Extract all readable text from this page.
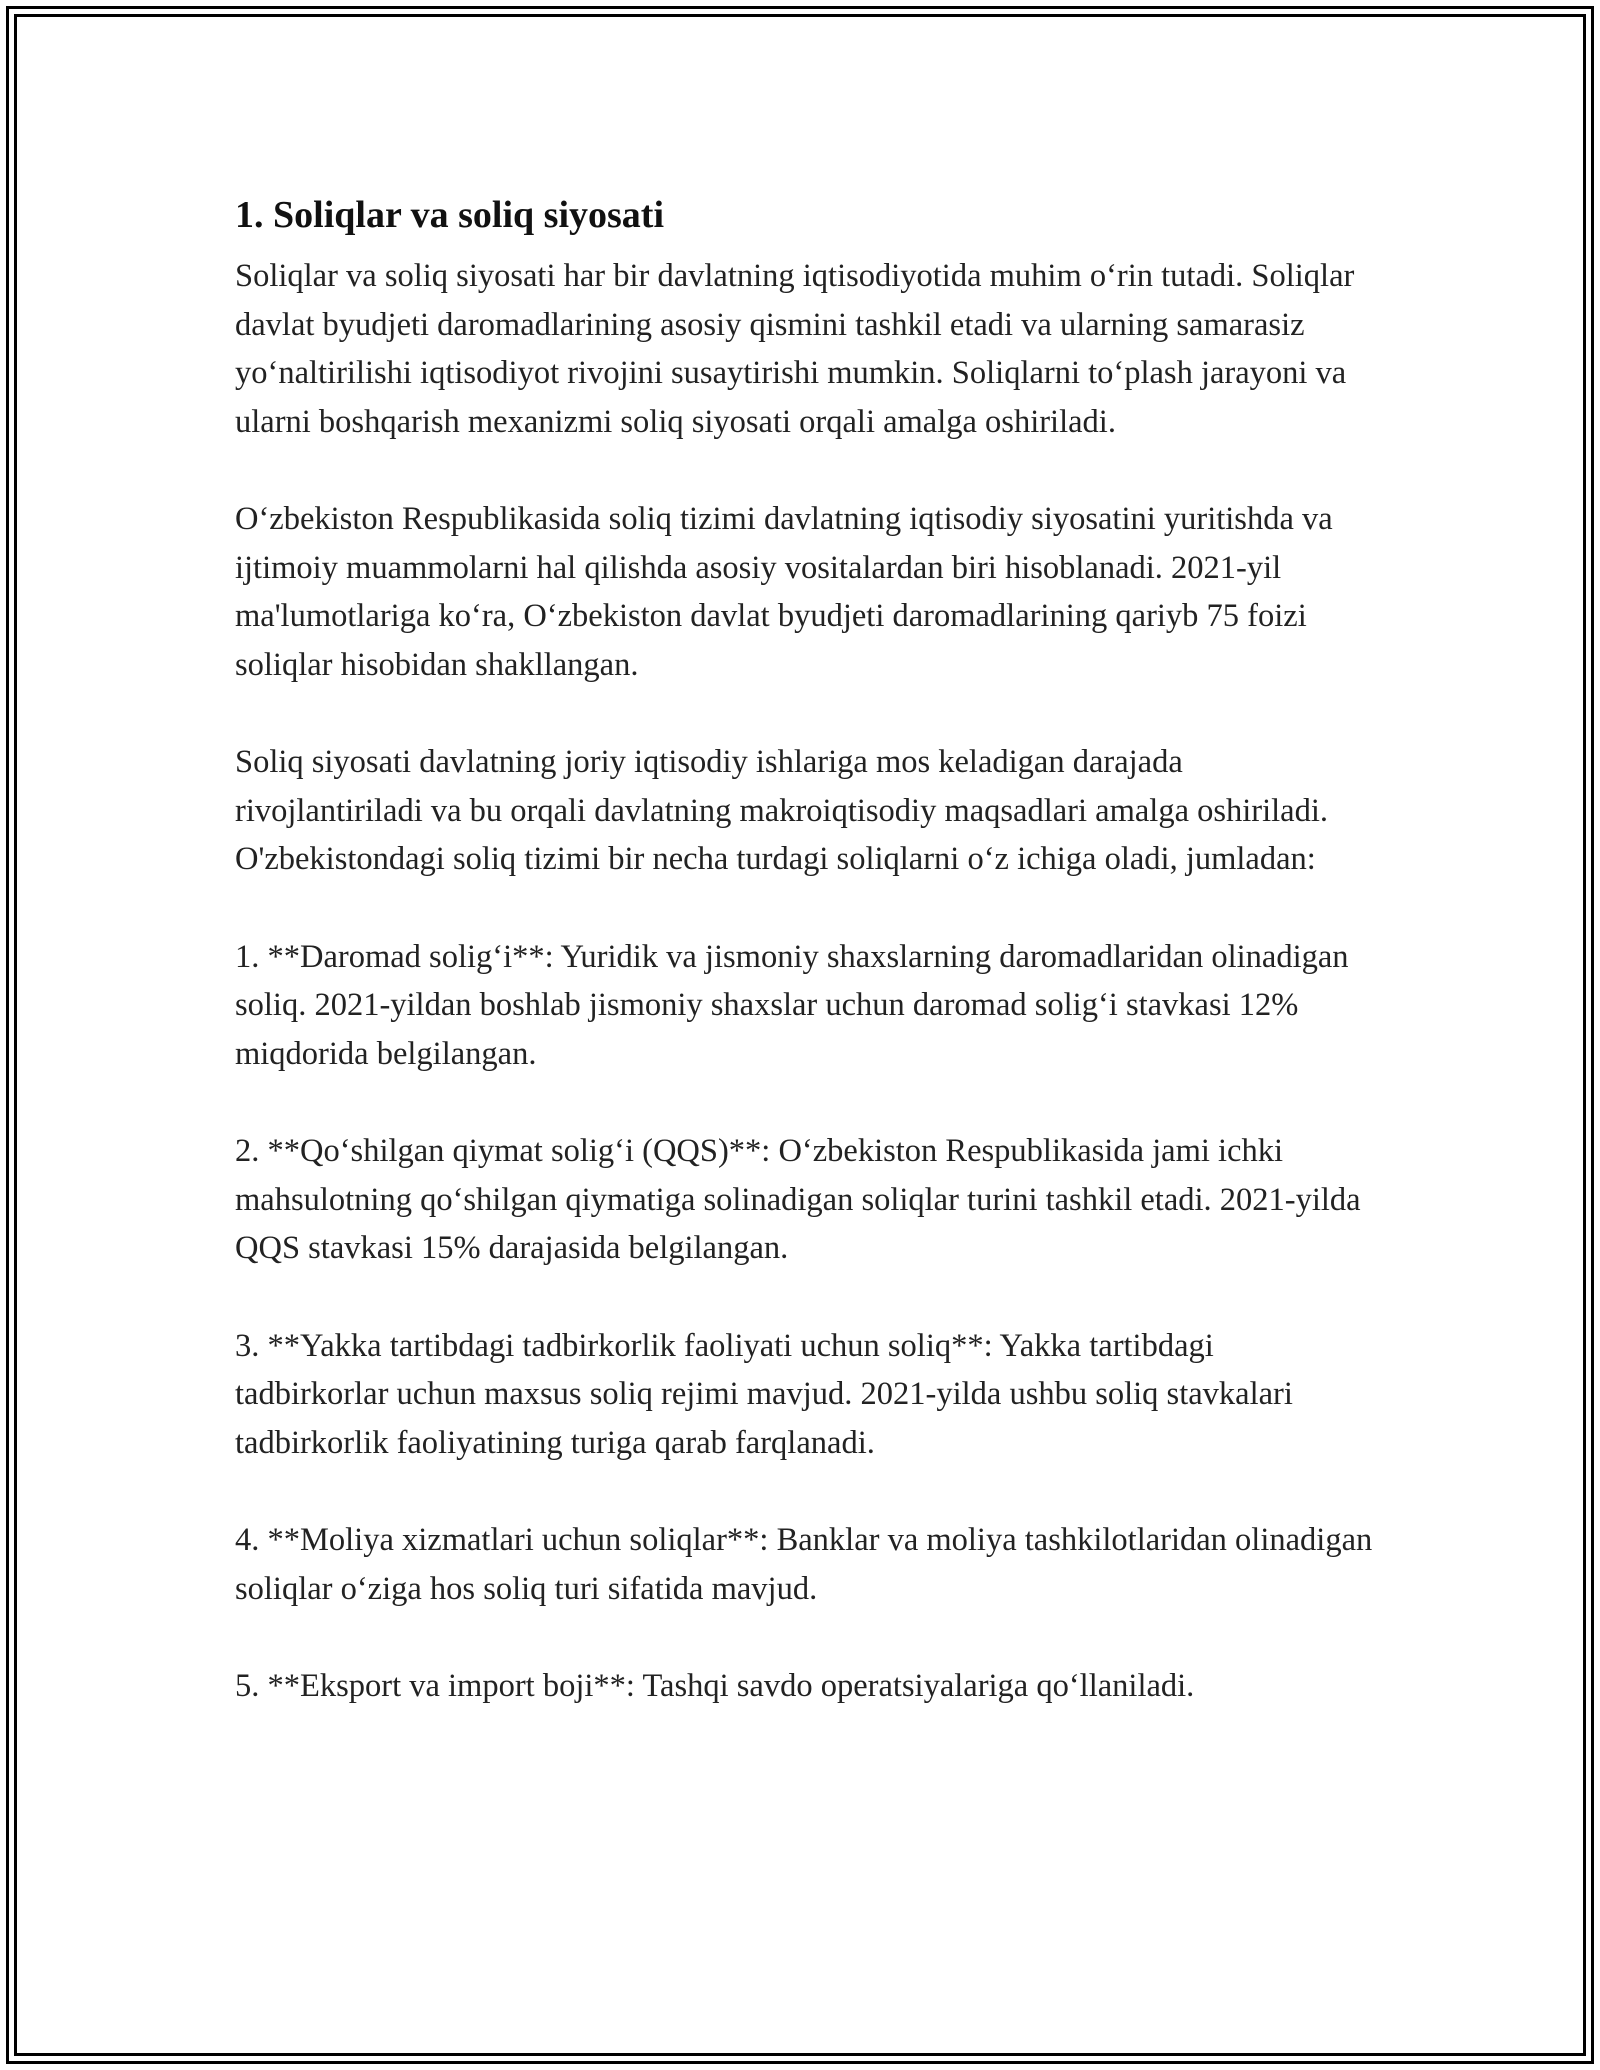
1. Soliqlar va soliq siyosati

Soliqlar va soliq siyosati har bir davlatning iqtisodiyotida muhim o‘rin tutadi. Soliqlar davlat byudjeti daromadlarining asosiy qismini tashkil etadi va ularning samarasiz yo‘naltirilishi iqtisodiyot rivojini susaytirishi mumkin. Soliqlarni to‘plash jarayoni va ularni boshqarish mexanizmi soliq siyosati orqali amalga oshiriladi.

O‘zbekiston Respublikasida soliq tizimi davlatning iqtisodiy siyosatini yuritishda va ijtimoiy muammolarni hal qilishda asosiy vositalardan biri hisoblanadi. 2021-yil ma'lumotlariga ko‘ra, O‘zbekiston davlat byudjeti daromadlarining qariyb 75 foizi soliqlar hisobidan shakllangan.

Soliq siyosati davlatning joriy iqtisodiy ishlariga mos keladigan darajada rivojlantiriladi va bu orqali davlatning makroiqtisodiy maqsadlari amalga oshiriladi. O'zbekistondagi soliq tizimi bir necha turdagi soliqlarni o‘z ichiga oladi, jumladan:

1. **Daromad solig‘i**: Yuridik va jismoniy shaxslarning daromadlaridan olinadigan soliq. 2021-yildan boshlab jismoniy shaxslar uchun daromad solig‘i stavkasi 12% miqdorida belgilangan.

2. **Qo‘shilgan qiymat solig‘i (QQS)**: O‘zbekiston Respublikasida jami ichki mahsulotning qo‘shilgan qiymatiga solinadigan soliqlar turini tashkil etadi. 2021-yilda QQS stavkasi 15% darajasida belgilangan.

3. **Yakka tartibdagi tadbirkorlik faoliyati uchun soliq**: Yakka tartibdagi tadbirkorlar uchun maxsus soliq rejimi mavjud. 2021-yilda ushbu soliq stavkalari tadbirkorlik faoliyatining turiga qarab farqlanadi.

4. **Moliya xizmatlari uchun soliqlar**: Banklar va moliya tashkilotlaridan olinadigan soliqlar o‘ziga hos soliq turi sifatida mavjud.

5. **Eksport va import boji**: Tashqi savdo operatsiyalariga qo‘llaniladi.
